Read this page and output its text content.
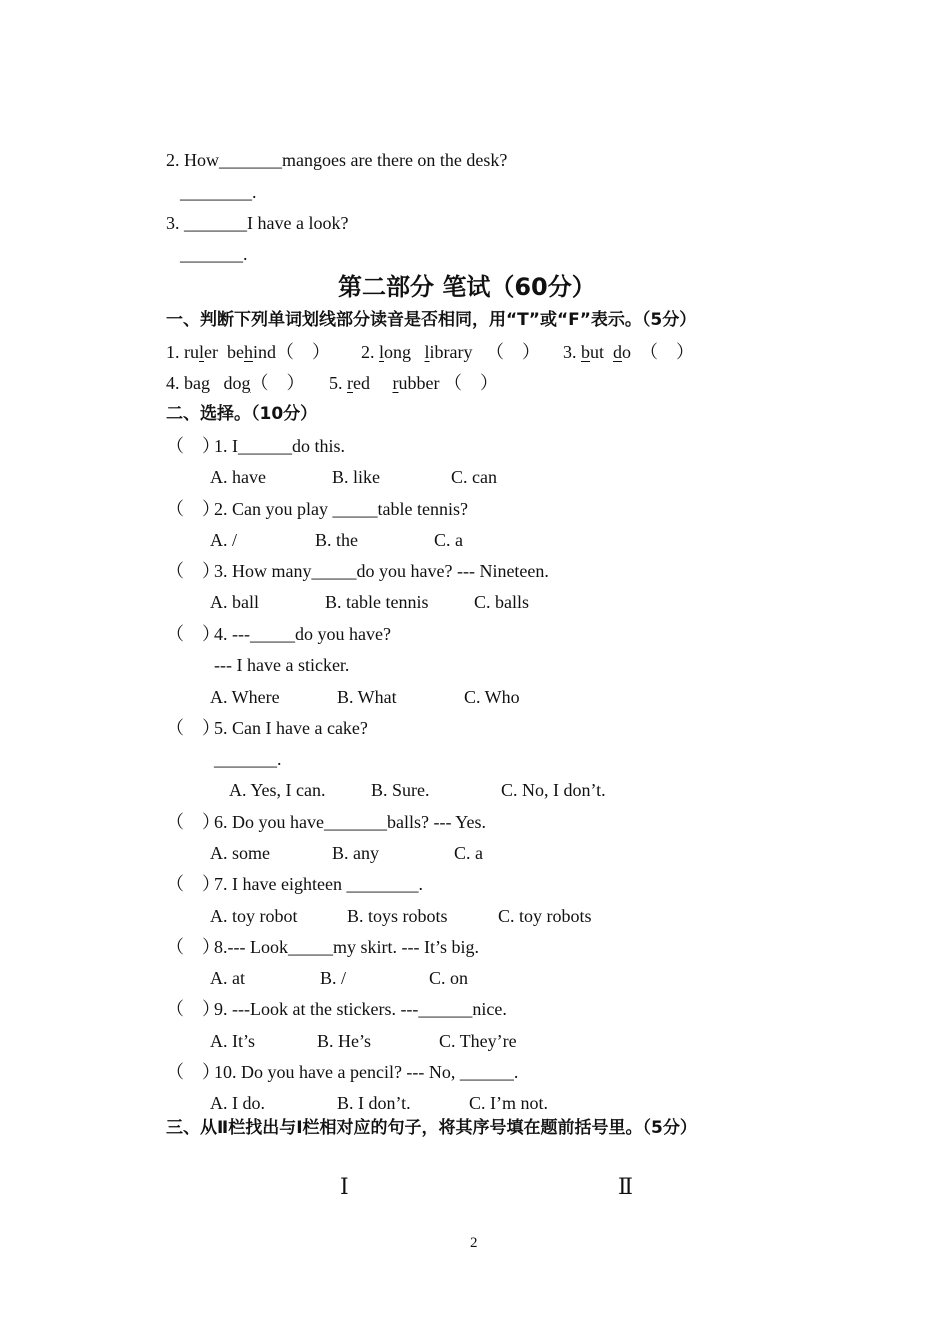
2. How_______mangoes are there on the desk?
________.
3. _______I have a look?
_______.
第二部分 笔试（60分）
一、判断下列单词划线部分读音是否相同，用“T”或“F”表示。（5分）
1. ruler  behind（    ） 2. long   library   （    ） 3. but  do  （    ）
4. bag   dog（    ） 5. red     rubber （    ）
二、选择。（10分）
（    ）1. I______do this.
A. have	B. like	C. can
（    ）2. Can you play _____table tennis?
A. /	B. the	C. a
（    ）3. How many_____do you have? --- Nineteen.
A. ball	B. table tennis	C. balls
（    ）4. ---_____do you have?
--- I have a sticker.
A. Where	B. What	C. Who
（    ）5. Can I have a cake?
_______.
A. Yes, I can.	B. Sure.	C. No, I don’t.
（    ）6. Do you have_______balls? --- Yes.
A. some	B. any	C. a
（    ）7. I have eighteen ________.
A. toy robot	B. toys robots	C. toy robots
（    ）8.--- Look_____my skirt. --- It’s big.
A. at	B. /	C. on
（    ）9. ---Look at the stickers. ---______nice.
A. It’s	B. He’s	C. They’re
（    ）10. Do you have a pencil? --- No, ______.
A. I do.	B. I don’t.	C. I’m not.
三、从Ⅱ栏找出与Ⅰ栏相对应的句子，将其序号填在题前括号里。（5分）
Ⅰ	Ⅱ
2
